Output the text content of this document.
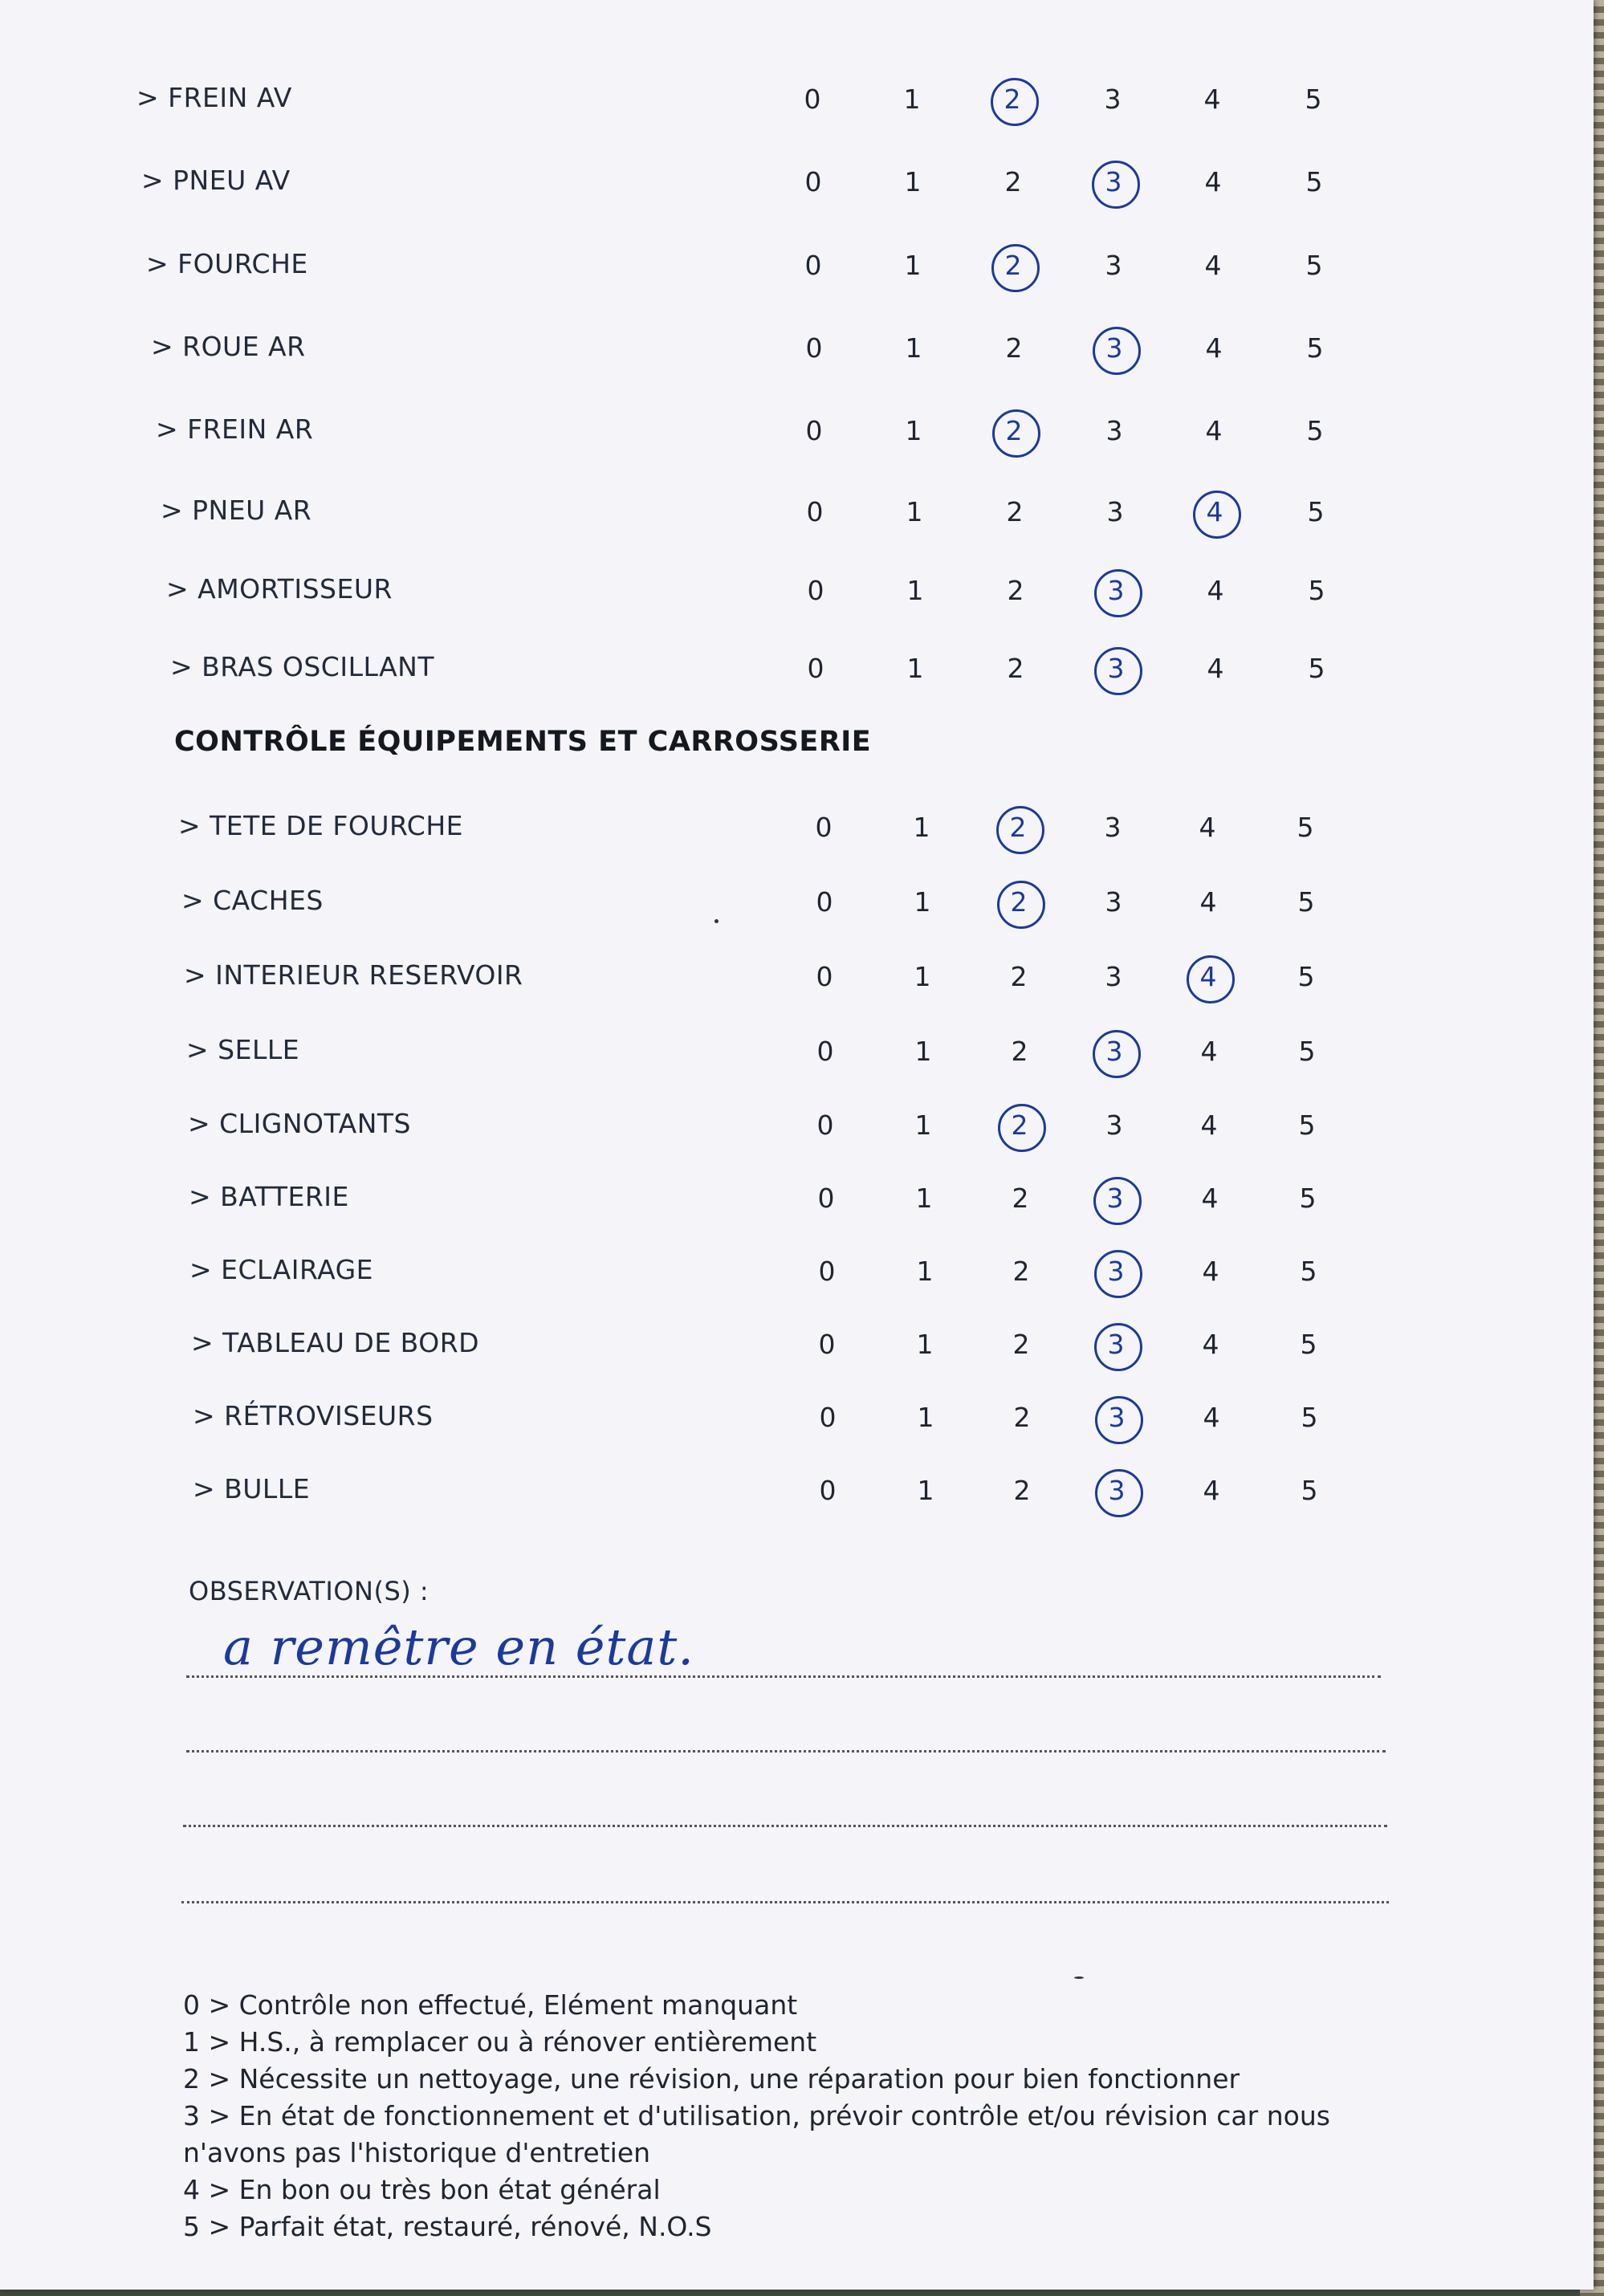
> FREIN AV	0	1	2	3	4	5
> PNEU AV	0	1	2	3	4	5
> FOURCHE	0	1	2	3	4	5
> ROUE AR	0	1	2	3	4	5
> FREIN AR	0	1	2	3	4	5
> PNEU AR	0	1	2	3	4	5
> AMORTISSEUR	0	1	2	3	4	5
> BRAS OSCILLANT	0	1	2	3	4	5
CONTRÔLE ÉQUIPEMENTS ET CARROSSERIE
> TETE DE FOURCHE	0	1	2	3	4	5
> CACHES	0	1	2	3	4	5
> INTERIEUR RESERVOIR	0	1	2	3	4	5
> SELLE	0	1	2	3	4	5
> CLIGNOTANTS	0	1	2	3	4	5
> BATTERIE	0	1	2	3	4	5
> ECLAIRAGE	0	1	2	3	4	5
> TABLEAU DE BORD	0	1	2	3	4	5
> RÉTROVISEURS	0	1	2	3	4	5
> BULLE	0	1	2	3	4	5
OBSERVATION(S) :
a remêtre en état.
0 > Contrôle non effectué, Elément manquant
1 > H.S., à remplacer ou à rénover entièrement
2 > Nécessite un nettoyage, une révision, une réparation pour bien fonctionner
3 > En état de fonctionnement et d'utilisation, prévoir contrôle et/ou révision car nous
n'avons pas l'historique d'entretien
4 > En bon ou très bon état général
5 > Parfait état, restauré, rénové, N.O.S
